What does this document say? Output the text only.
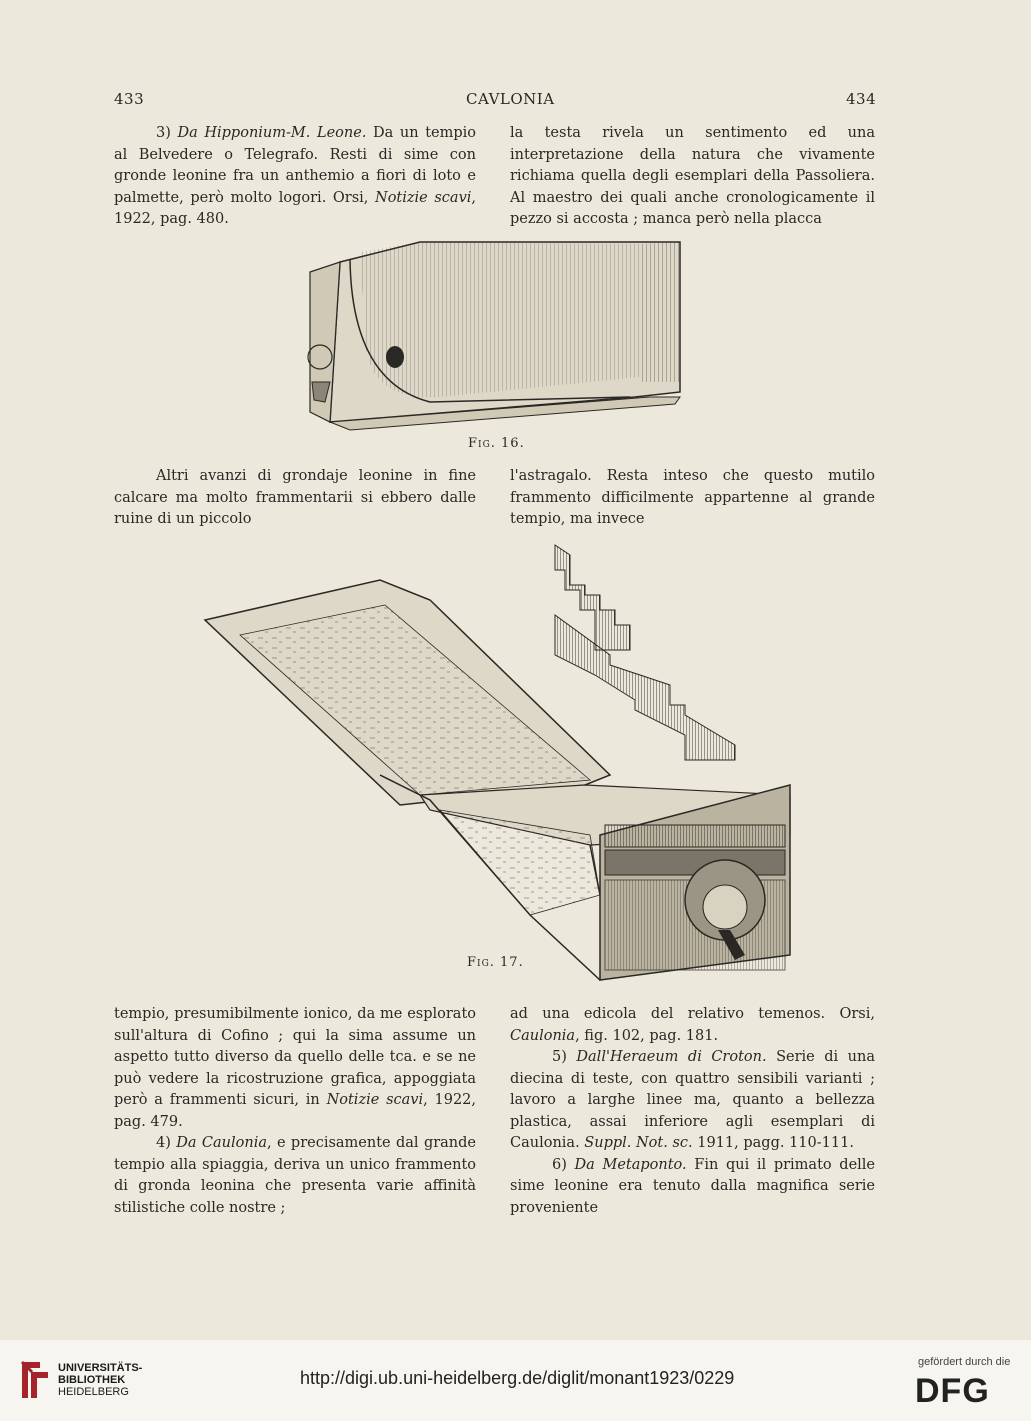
433	CAVLONIA	434

3) Da Hipponium-M. Leone. Da un tempio al Belvedere o Telegrafo. Resti di sime con gronde leonine fra un anthemio a fiori di loto e palmette, però molto logori. Orsi, Notizie scavi, 1922, pag. 480.

la testa rivela un sentimento ed una interpretazione della natura che vivamente richiama quella degli esemplari della Passoliera. Al maestro dei quali anche cronologicamente il pezzo si accosta ; manca però nella placca
Fig. 16.

Altri avanzi di grondaje leonine in fine calcare ma molto frammentarii si ebbero dalle ruine di un piccolo

l'astragalo. Resta inteso che questo mutilo frammento difficilmente appartenne al grande tempio, ma invece
Fig. 17.

tempio, presumibilmente ionico, da me esplorato sull'altura di Cofino ; qui la sima assume un aspetto tutto diverso da quello delle tca. e se ne può vedere la ricostruzione grafica, appoggiata però a frammenti sicuri, in Notizie scavi, 1922, pag. 479.

4) Da Caulonia, e precisamente dal grande tempio alla spiaggia, deriva un unico frammento di gronda leonina che presenta varie affinità stilistiche colle nostre ;

ad una edicola del relativo temenos. Orsi, Caulonia, fig. 102, pag. 181.

5) Dall'Heraeum di Croton. Serie di una diecina di teste, con quattro sensibili varianti ; lavoro a larghe linee ma, quanto a bellezza plastica, assai inferiore agli esemplari di Caulonia. Suppl. Not. sc. 1911, pagg. 110-111.

6) Da Metaponto. Fin qui il primato delle sime leonine era tenuto dalla magnifica serie proveniente

UNIVERSITÄTS-
BIBLIOTHEK
HEIDELBERG
http://digi.ub.uni-heidelberg.de/diglit/monant1923/0229
gefördert durch die
DFG
